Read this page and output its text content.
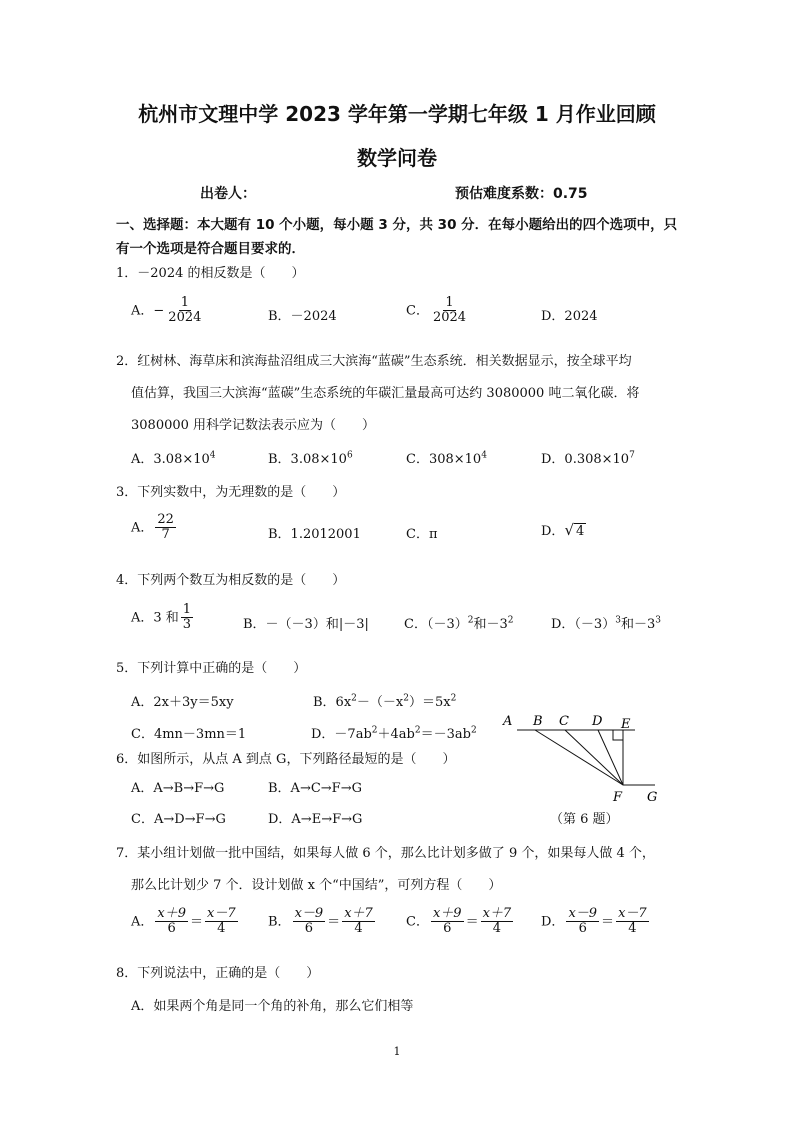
杭州市文理中学 2023 学年第一学期七年级 1 月作业回顾
数学问卷
出卷人：	预估难度系数：0.75
一、选择题：本大题有 10 个小题，每小题 3 分，共 30 分．在每小题给出的四个选项中，只
有一个选项是符合题目要求的．
1．－2024 的相反数是（　　）
A．− $\frac{1}{2024}$	B．－2024	C． $\frac{1}{2024}$	D．2024
2．红树林、海草床和滨海盐沼组成三大滨海“蓝碳”生态系统．相关数据显示，按全球平均
值估算，我国三大滨海“蓝碳”生态系统的年碳汇量最高可达约 3080000 吨二氧化碳．将
3080000 用科学记数法表示应为（　　）
A．$3.08\times 10^4$	B．$3.08\times 10^6$	C．$308\times 10^4$	D．$0.308\times 10^7$
3．下列实数中，为无理数的是（　　）
A． $\frac{22}{7}$	B．1.2012001	C．π	D．√ 4
4．下列两个数互为相反数的是（　　）
A．3 和 $\frac{1}{3}$	B．－（－3）和|－3|	C．$(-3)^2$和$-3^2$	D．$(-3)^3$和$-3^3$
5．下列计算中正确的是（　　）
A．2x＋3y＝5xy	B．$6x^2-(-x^2)=5x^2$
C．4mn－3mn＝1	D．$-7ab^2+4ab^2=-3ab^2$
6．如图所示，从点 A 到点 G，下列路径最短的是（　　）
A．A→B→F→G	B．A→C→F→G
C．A→D→F→G	D．A→E→F→G
A B C D E
F G
（第 6 题）
7．某小组计划做一批中国结，如果每人做 6 个，那么比计划多做了 9 个，如果每人做 4 个，
那么比计划少 7 个．设计划做 x 个“中国结”，可列方程（　　）
A． $\frac{x+9}{6} = \frac{x-7}{4}$ B． $\frac{x-9}{6} = \frac{x+7}{4}$ C． $\frac{x+9}{6} = \frac{x+7}{4}$ D． $\frac{x-9}{6} = \frac{x-7}{4}$
8．下列说法中，正确的是（　　）
A．如果两个角是同一个角的补角，那么它们相等
1
